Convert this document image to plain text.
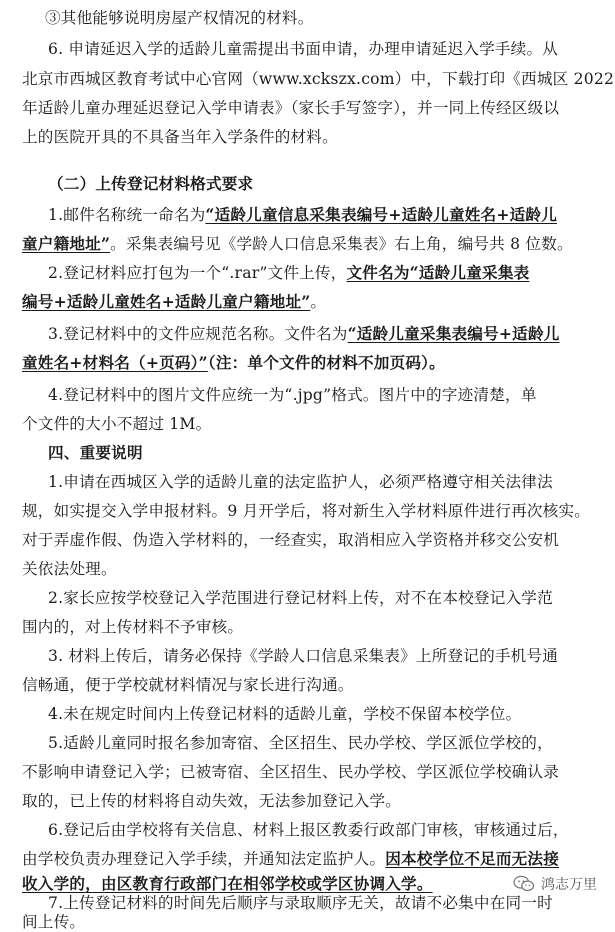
③其他能够说明房屋产权情况的材料。
6. 申请延迟入学的适龄儿童需提出书面申请，办理申请延迟入学手续。从
北京市西城区教育考试中心官网（www.xckszx.com）中，下载打印《西城区 2022
年适龄儿童办理延迟登记入学申请表》（家长手写签字），并一同上传经区级以
上的医院开具的不具备当年入学条件的材料。
（二）上传登记材料格式要求
1.邮件名称统一命名为“适龄儿童信息采集表编号+适龄儿童姓名+适龄儿
童户籍地址”。采集表编号见《学龄人口信息采集表》右上角，编号共 8 位数。
2.登记材料应打包为一个“.rar”文件上传，文件名为“适龄儿童采集表
编号+适龄儿童姓名+适龄儿童户籍地址”。
3.登记材料中的文件应规范名称。文件名为“适龄儿童采集表编号+适龄儿
童姓名+材料名（+页码）”（注：单个文件的材料不加页码）。
4.登记材料中的图片文件应统一为“.jpg”格式。图片中的字迹清楚，单
个文件的大小不超过 1M。
四、重要说明
1.申请在西城区入学的适龄儿童的法定监护人，必须严格遵守相关法律法
规，如实提交入学申报材料。9 月开学后，将对新生入学材料原件进行再次核实。
对于弄虚作假、伪造入学材料的，一经查实，取消相应入学资格并移交公安机
关依法处理。
2.家长应按学校登记入学范围进行登记材料上传，对不在本校登记入学范
围内的，对上传材料不予审核。
3. 材料上传后，请务必保持《学龄人口信息采集表》上所登记的手机号通
信畅通，便于学校就材料情况与家长进行沟通。
4.未在规定时间内上传登记材料的适龄儿童，学校不保留本校学位。
5.适龄儿童同时报名参加寄宿、全区招生、民办学校、学区派位学校的，
不影响申请登记入学；已被寄宿、全区招生、民办学校、学区派位学校确认录
取的，已上传的材料将自动失效，无法参加登记入学。
6.登记后由学校将有关信息、材料上报区教委行政部门审核，审核通过后，
由学校负责办理登记入学手续，并通知法定监护人。因本校学位不足而无法接
收入学的，由区教育行政部门在相邻学校或学区协调入学。
7.上传登记材料的时间先后顺序与录取顺序无关，故请不必集中在同一时
间上传。
鸿志万里
